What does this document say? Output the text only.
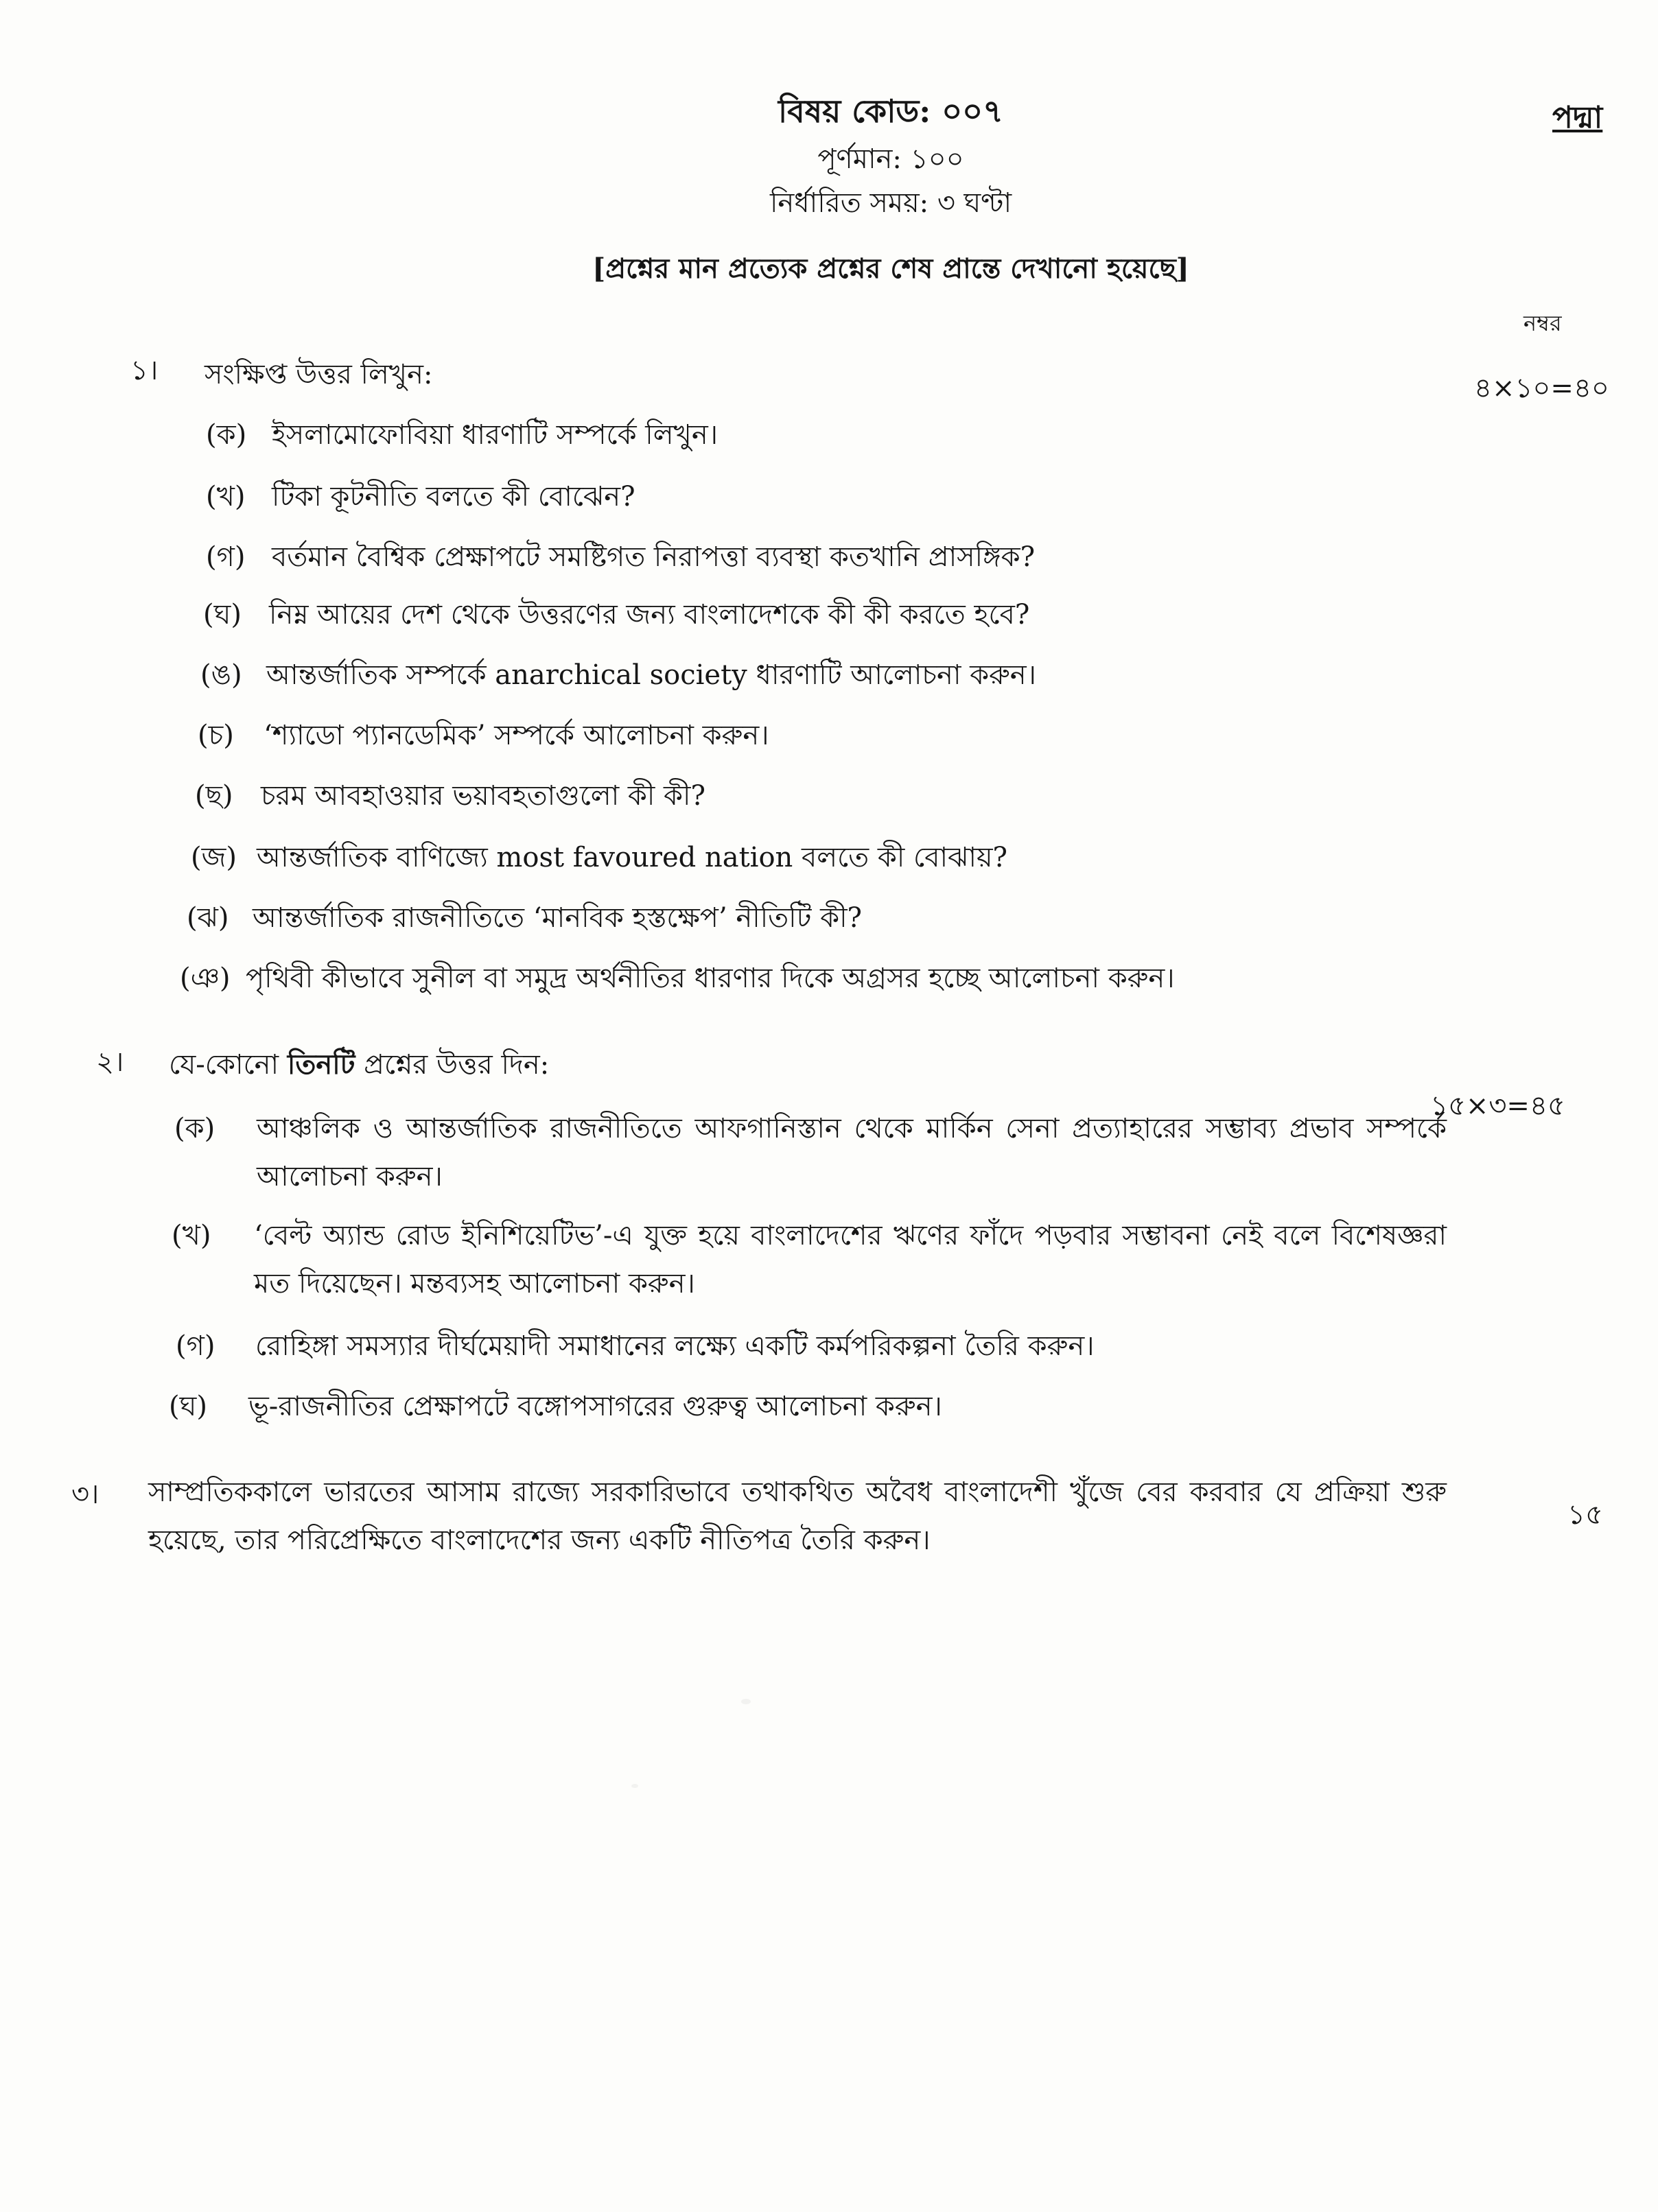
বিষয় কোড: ০০৭	পদ্মা
পূর্ণমান: ১০০
নির্ধারিত সময়: ৩ ঘণ্টা
[প্রশ্নের মান প্রত্যেক প্রশ্নের শেষ প্রান্তে দেখানো হয়েছে]
নম্বর
১। সংক্ষিপ্ত উত্তর লিখুন:	৪×১০=৪০
(ক) ইসলামোফোবিয়া ধারণাটি সম্পর্কে লিখুন।
(খ) টিকা কূটনীতি বলতে কী বোঝেন?
(গ) বর্তমান বৈশ্বিক প্রেক্ষাপটে সমষ্টিগত নিরাপত্তা ব্যবস্থা কতখানি প্রাসঙ্গিক?
(ঘ) নিম্ন আয়ের দেশ থেকে উত্তরণের জন্য বাংলাদেশকে কী কী করতে হবে?
(ঙ) আন্তর্জাতিক সম্পর্কে anarchical society ধারণাটি আলোচনা করুন।
(চ) ‘শ্যাডো প্যানডেমিক’ সম্পর্কে আলোচনা করুন।
(ছ) চরম আবহাওয়ার ভয়াবহতাগুলো কী কী?
(জ) আন্তর্জাতিক বাণিজ্যে most favoured nation বলতে কী বোঝায়?
(ঝ) আন্তর্জাতিক রাজনীতিতে ‘মানবিক হস্তক্ষেপ’ নীতিটি কী?
(ঞ) পৃথিবী কীভাবে সুনীল বা সমুদ্র অর্থনীতির ধারণার দিকে অগ্রসর হচ্ছে আলোচনা করুন।
২। যে-কোনো তিনটি প্রশ্নের উত্তর দিন:
১৫×৩=৪৫
(ক) আঞ্চলিক ও আন্তর্জাতিক রাজনীতিতে আফগানিস্তান থেকে মার্কিন সেনা প্রত্যাহারের সম্ভাব্য প্রভাব সম্পর্কে আলোচনা করুন।
(খ) ‘বেল্ট অ্যান্ড রোড ইনিশিয়েটিভ’-এ যুক্ত হয়ে বাংলাদেশের ঋণের ফাঁদে পড়বার সম্ভাবনা নেই বলে বিশেষজ্ঞরা মত দিয়েছেন। মন্তব্যসহ আলোচনা করুন।
(গ) রোহিঙ্গা সমস্যার দীর্ঘমেয়াদী সমাধানের লক্ষ্যে একটি কর্মপরিকল্পনা তৈরি করুন।
(ঘ) ভূ-রাজনীতির প্রেক্ষাপটে বঙ্গোপসাগরের গুরুত্ব আলোচনা করুন।
৩। সাম্প্রতিককালে ভারতের আসাম রাজ্যে সরকারিভাবে তথাকথিত অবৈধ বাংলাদেশী খুঁজে বের করবার যে প্রক্রিয়া শুরু হয়েছে, তার পরিপ্রেক্ষিতে বাংলাদেশের জন্য একটি নীতিপত্র তৈরি করুন।
১৫
